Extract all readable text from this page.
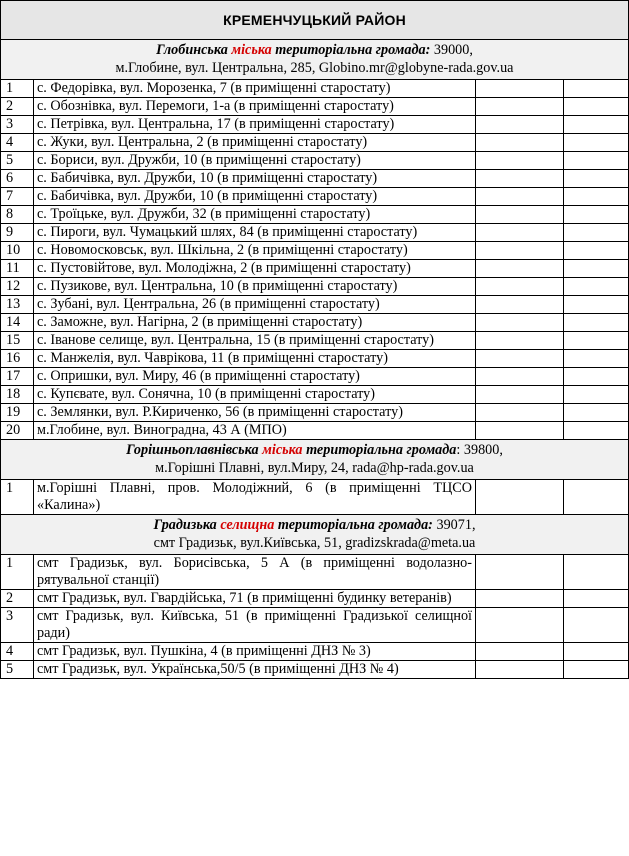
КРЕМЕНЧУЦЬКИЙ РАЙОН			

Глобинська міська територіальна громада: 39000,
м.Глобине, вул. Центральна, 285, Globino.mr@globyne-rada.gov.ua			

1	с. Федорівка, вул. Морозенка, 7 (в приміщенні старостату)		
2	с. Обознівка, вул. Перемоги, 1-а (в приміщенні старостату)		
3	с. Петрівка, вул. Центральна, 17 (в приміщенні старостату)		
4	с. Жуки, вул. Центральна, 2 (в приміщенні старостату)		
5	с. Бориси, вул. Дружби, 10 (в приміщенні старостату)		
6	с. Бабичівка, вул. Дружби, 10 (в приміщенні старостату)		
7	с. Бабичівка, вул. Дружби, 10 (в приміщенні старостату)		
8	с. Троїцьке, вул. Дружби, 32 (в приміщенні старостату)		
9	с. Пироги, вул. Чумацький шлях, 84 (в приміщенні старостату)		
10	с. Новомосковськ, вул. Шкільна, 2 (в приміщенні старостату)		
11	с. Пустовійтове, вул. Молодіжна, 2 (в приміщенні старостату)		
12	с. Пузикове, вул. Центральна, 10 (в приміщенні старостату)		
13	с. Зубані, вул. Центральна, 26 (в приміщенні старостату)		
14	с. Заможне, вул. Нагірна, 2 (в приміщенні старостату)		
15	с. Іванове селище, вул. Центральна, 15 (в приміщенні старостату)		
16	с. Манжелія, вул. Чаврікова, 11 (в приміщенні старостату)		
17	с. Опришки, вул. Миру, 46 (в приміщенні старостату)		
18	с. Купєвате, вул. Сонячна, 10 (в приміщенні старостату)		
19	с. Землянки, вул. Р.Кириченко, 56 (в приміщенні старостату)		
20	м.Глобине, вул. Виноградна, 43 А (МПО)		

Горішньоплавнівська міська територіальна громада: 39800,
м.Горішні Плавні, вул.Миру, 24, rada@hp-rada.gov.ua			

1	м.Горішні Плавні, пров. Молодіжний, 6 (в приміщенні ТЦСО «Калина»)		

Градизька селищна територіальна громада: 39071,
смт Градизьк, вул.Київська, 51, gradizskrada@meta.ua			

1	смт Градизьк, вул. Борисівська, 5 А (в приміщенні водолазно-рятувальної станції)		
2	смт Градизьк, вул. Гвардійська, 71 (в приміщенні будинку ветеранів)		
3	смт Градизьк, вул. Київська, 51 (в приміщенні Градизької селищної ради)		
4	смт Градизьк, вул. Пушкіна, 4 (в приміщенні ДНЗ № 3)		
5	смт Градизьк, вул. Українська,50/5 (в приміщенні ДНЗ № 4)		
